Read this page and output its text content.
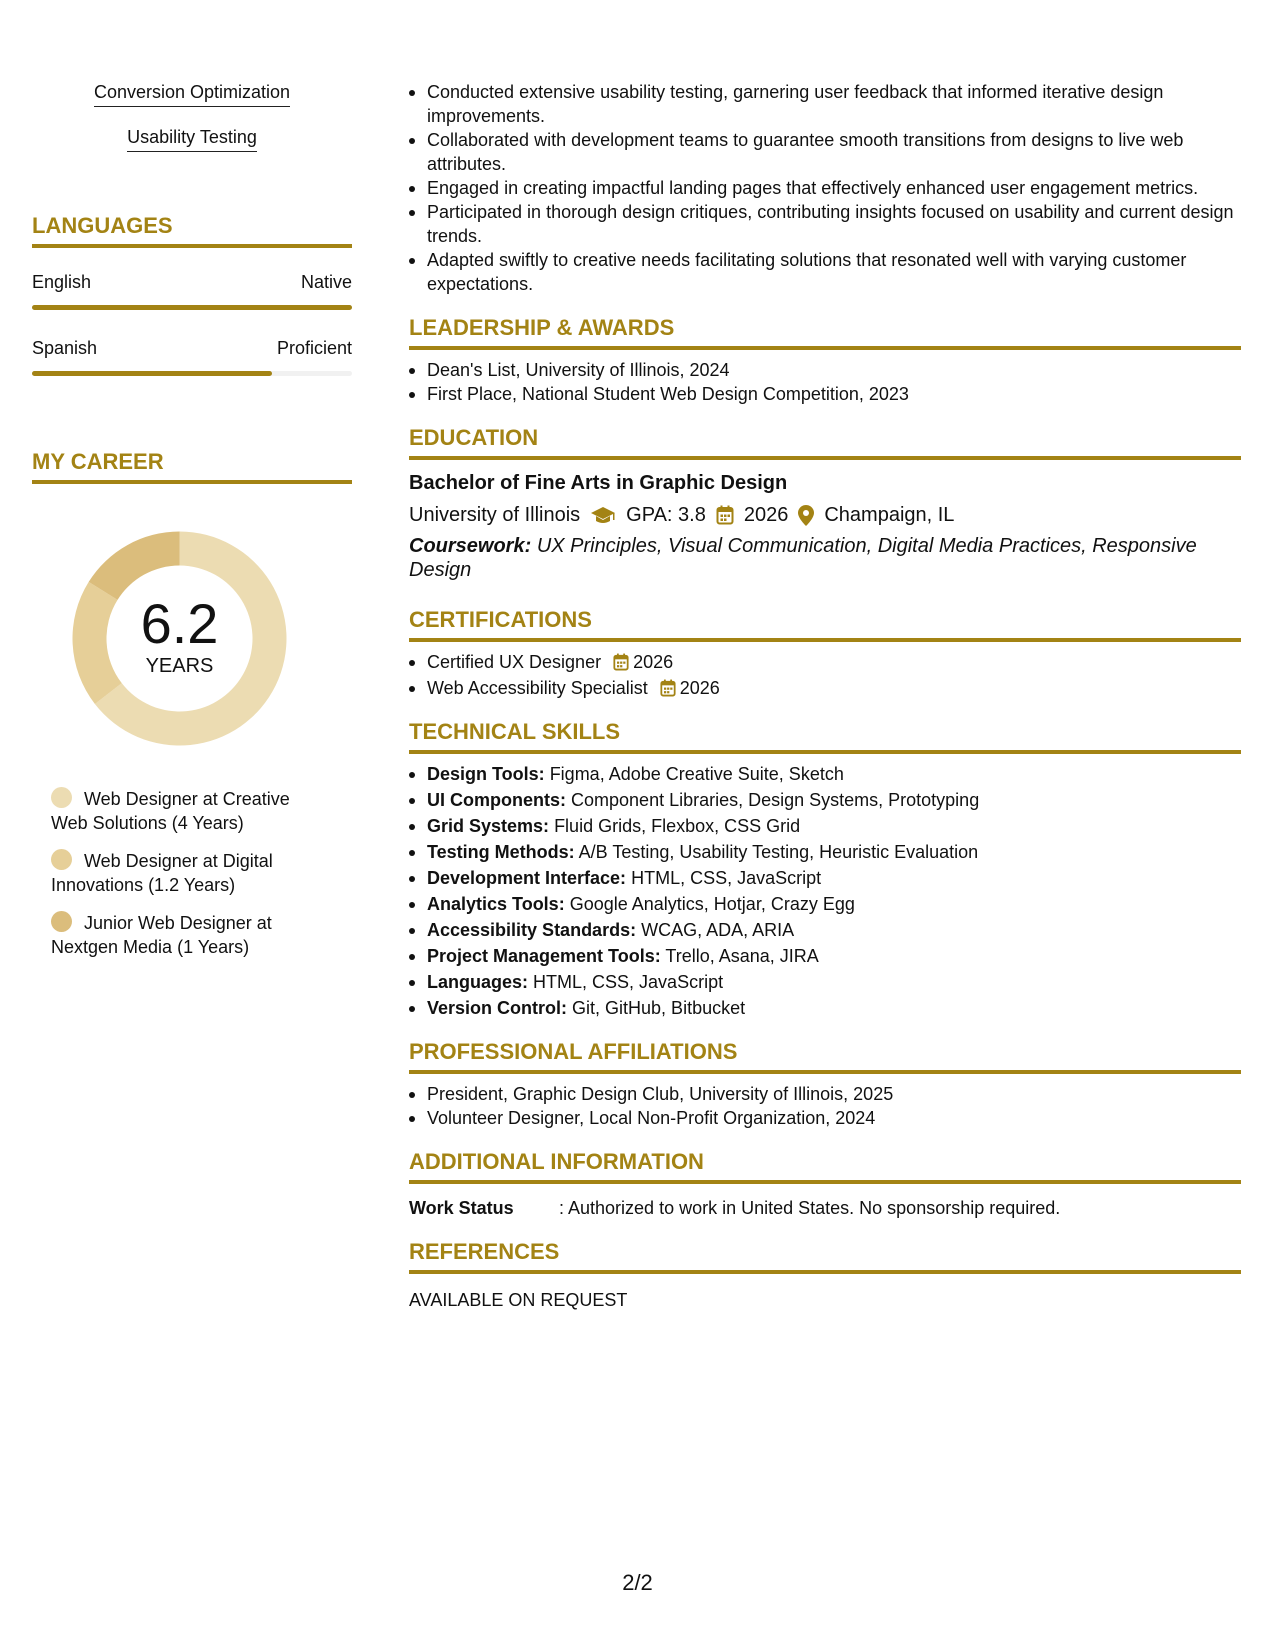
Conversion Optimization
Usability Testing
LANGUAGES
English	Native
Spanish	Proficient
MY CAREER
6.2
YEARS
Web Designer at Creative Web Solutions (4 Years)
Web Designer at Digital Innovations (1.2 Years)
Junior Web Designer at Nextgen Media (1 Years)
Conducted extensive usability testing, garnering user feedback that informed iterative design improvements.
Collaborated with development teams to guarantee smooth transitions from designs to live web attributes.
Engaged in creating impactful landing pages that effectively enhanced user engagement metrics.
Participated in thorough design critiques, contributing insights focused on usability and current design trends.
Adapted swiftly to creative needs facilitating solutions that resonated well with varying customer expectations.
LEADERSHIP & AWARDS
Dean's List, University of Illinois, 2024
First Place, National Student Web Design Competition, 2023
EDUCATION
Bachelor of Fine Arts in Graphic Design
University of Illinois GPA: 3.8 2026 Champaign, IL
Coursework: UX Principles, Visual Communication, Digital Media Practices, Responsive Design
CERTIFICATIONS
Certified UX Designer 2026
Web Accessibility Specialist 2026
TECHNICAL SKILLS
Design Tools: Figma, Adobe Creative Suite, Sketch
UI Components: Component Libraries, Design Systems, Prototyping
Grid Systems: Fluid Grids, Flexbox, CSS Grid
Testing Methods: A/B Testing, Usability Testing, Heuristic Evaluation
Development Interface: HTML, CSS, JavaScript
Analytics Tools: Google Analytics, Hotjar, Crazy Egg
Accessibility Standards: WCAG, ADA, ARIA
Project Management Tools: Trello, Asana, JIRA
Languages: HTML, CSS, JavaScript
Version Control: Git, GitHub, Bitbucket
PROFESSIONAL AFFILIATIONS
President, Graphic Design Club, University of Illinois, 2025
Volunteer Designer, Local Non-Profit Organization, 2024
ADDITIONAL INFORMATION
Work Status	: Authorized to work in United States. No sponsorship required.
REFERENCES
AVAILABLE ON REQUEST
2/2
